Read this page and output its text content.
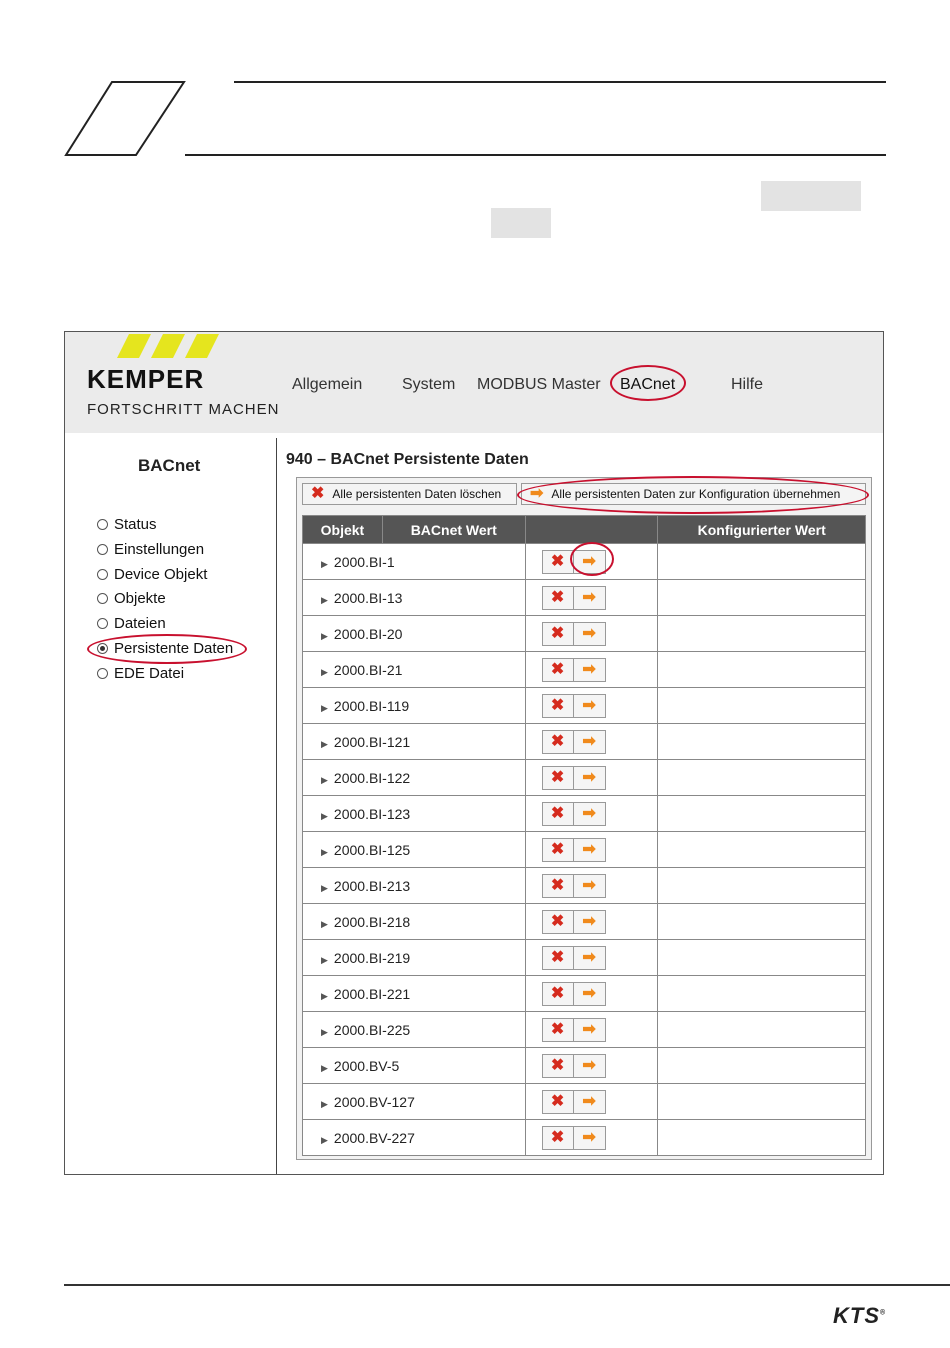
KEMPER
FORTSCHRITT MACHEN
Allgemein System MODBUS Master BACnet	Hilfe
BACnet
Status
Einstellungen
Device Objekt
Objekte
Dateien
Persistente Daten
EDE Datei
940 – BACnet Persistente Daten
✖ Alle persistenten Daten löschen ➡ Alle persistenten Daten zur Konfiguration übernehmen
Objekt	BACnet Wert		Konfigurierter Wert

▶ 2000.BI-1		✖ ➡	

▶ 2000.BI-13		✖ ➡	

▶ 2000.BI-20		✖ ➡	

▶ 2000.BI-21		✖ ➡	

▶ 2000.BI-119		✖ ➡	

▶ 2000.BI-121		✖ ➡	

▶ 2000.BI-122		✖ ➡	

▶ 2000.BI-123		✖ ➡	

▶ 2000.BI-125		✖ ➡	

▶ 2000.BI-213		✖ ➡	

▶ 2000.BI-218		✖ ➡	

▶ 2000.BI-219		✖ ➡	

▶ 2000.BI-221		✖ ➡	

▶ 2000.BI-225		✖ ➡	

▶ 2000.BV-5		✖ ➡	

▶ 2000.BV-127		✖ ➡	

▶ 2000.BV-227		✖ ➡	

KTS®
